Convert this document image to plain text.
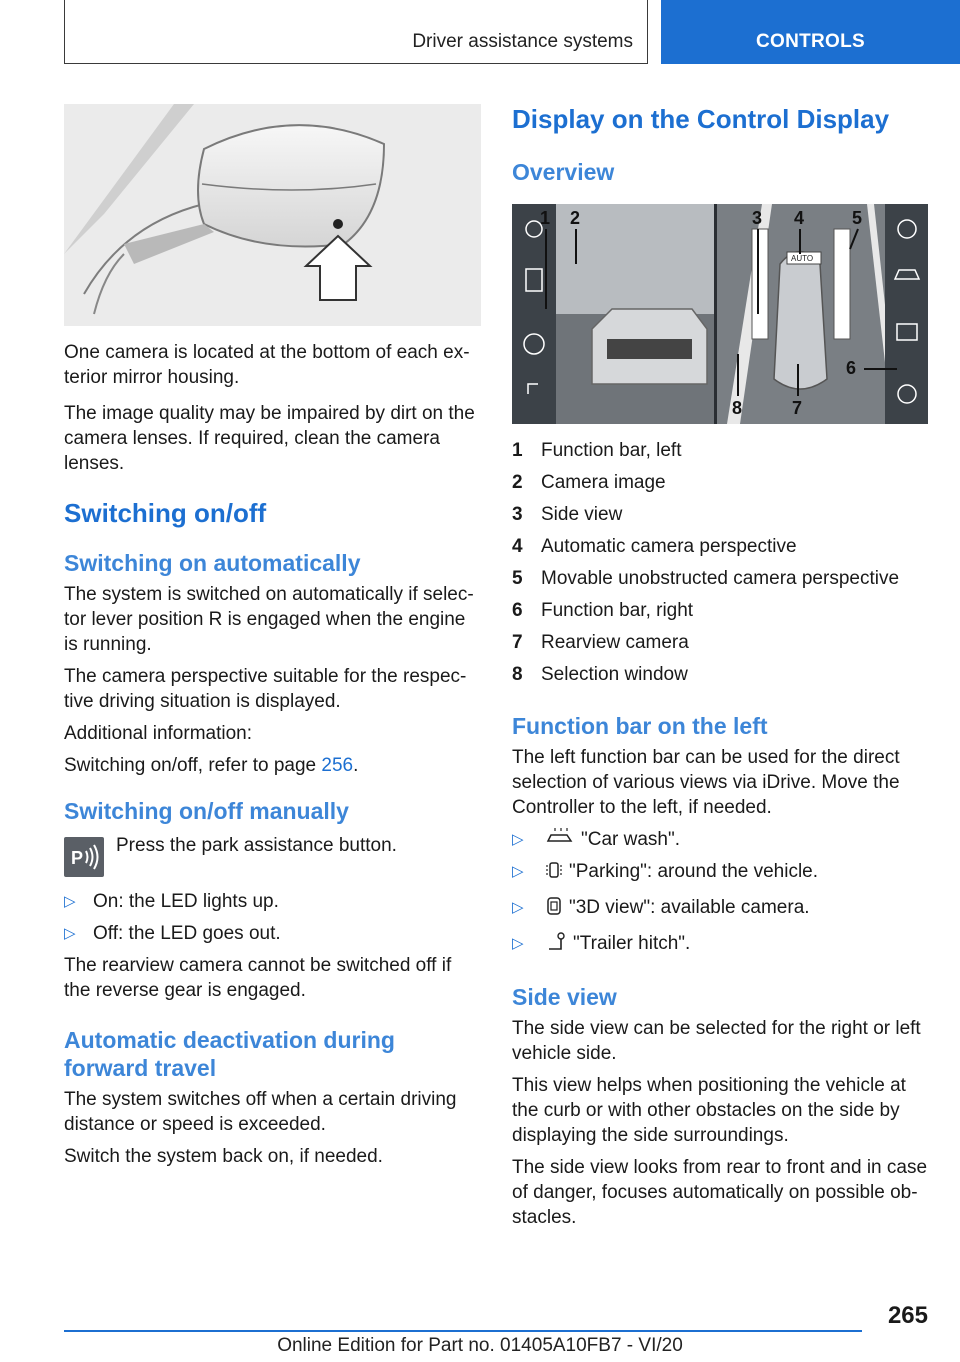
Driver assistance systems	CONTROLS

One camera is located at the bottom of each ex- terior mirror housing.

The image quality may be impaired by dirt on the camera lenses. If required, clean the camera lenses.

Switching on/off
Switching on automatically

The system is switched on automatically if selec- tor lever position R is engaged when the engine is running.

The camera perspective suitable for the respec- tive driving situation is displayed.

Additional information:

Switching on/off, refer to page 256.

Switching on/off manually
P

Press the park assistance button.

▷ On: the LED lights up.
▷ Off: the LED goes out.

The rearview camera cannot be switched off if the reverse gear is engaged.

Automatic deactivation during forward travel

The system switches off when a certain driving distance or speed is exceeded.

Switch the system back on, if needed.

Display on the Control Display
Overview
AUTO
1 2	3 4	5
6
7
8
1 Function bar, left
2 Camera image
3 Side view
4 Automatic camera perspective
5 Movable unobstructed camera perspective
6 Function bar, right
7 Rearview camera
8 Selection window
Function bar on the left

The left function bar can be used for the direct selection of various views via iDrive. Move the Controller to the left, if needed.

▷	"Car wash".
▷	"Parking": around the vehicle.
▷	"3D view": available camera.
▷	"Trailer hitch".
Side view

The side view can be selected for the right or left vehicle side.

This view helps when positioning the vehicle at the curb or with other obstacles on the side by displaying the side surroundings.

The side view looks from rear to front and in case of danger, focuses automatically on possible ob- stacles.

265
Online Edition for Part no. 01405A10FB7 - VI/20
